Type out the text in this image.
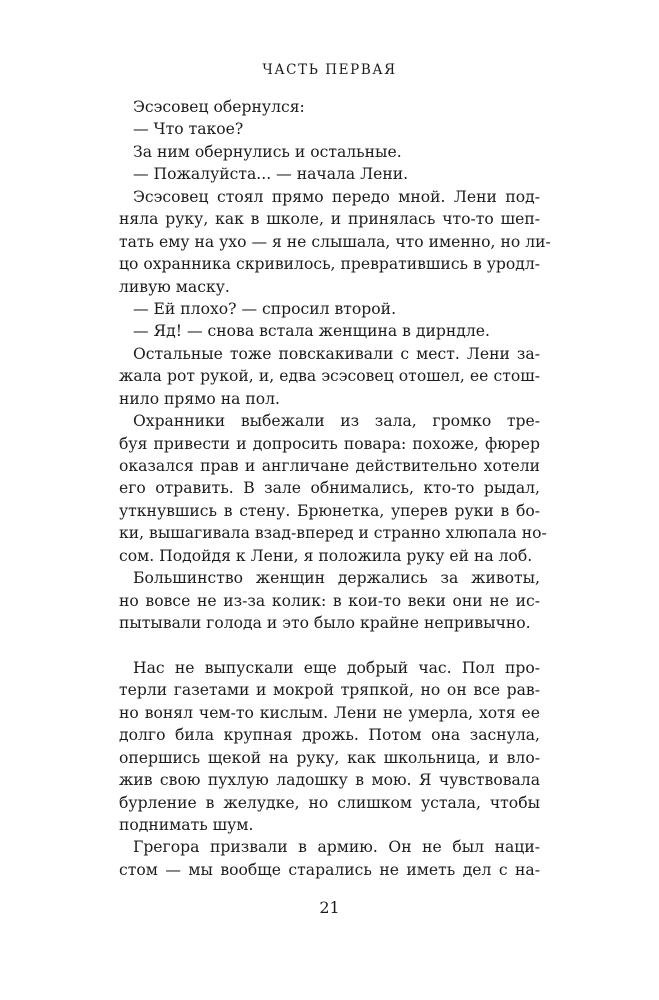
ЧАСТЬ ПЕРВАЯ
Эсэсовец обернулся:
— Что такое?
За ним обернулись и остальные.
— Пожалуйста... — начала Лени.
Эсэсовец стоял прямо передо мной. Лени под-
няла руку, как в школе, и принялась что-то шеп-
тать ему на ухо — я не слышала, что именно, но ли-
цо охранника скривилось, превратившись в уродл-
ливую маску.
— Ей плохо? — спросил второй.
— Яд! — снова встала женщина в дирндле.
Остальные тоже повскакивали с мест. Лени за-
жала рот рукой, и, едва эсэсовец отошел, ее стош-
нило прямо на пол.
Охранники выбежали из зала, громко тре-
буя привести и допросить повара: похоже, фюрер
оказался прав и англичане действительно хотели
его отравить. В зале обнимались, кто-то рыдал,
уткнувшись в стену. Брюнетка, уперев руки в бо-
ки, вышагивала взад-вперед и странно хлюпала но-
сом. Подойдя к Лени, я положила руку ей на лоб.
Большинство женщин держались за животы,
но вовсе не из-за колик: в кои-то веки они не ис-
пытывали голода и это было крайне непривычно.
Нас не выпускали еще добрый час. Пол про-
терли газетами и мокрой тряпкой, но он все рав-
но вонял чем-то кислым. Лени не умерла, хотя ее
долго била крупная дрожь. Потом она заснула,
опершись щекой на руку, как школьница, и вло-
жив свою пухлую ладошку в мою. Я чувствовала
бурление в желудке, но слишком устала, чтобы
поднимать шум.
Грегора призвали в армию. Он не был наци-
стом — мы вообще старались не иметь дел с на-
21
